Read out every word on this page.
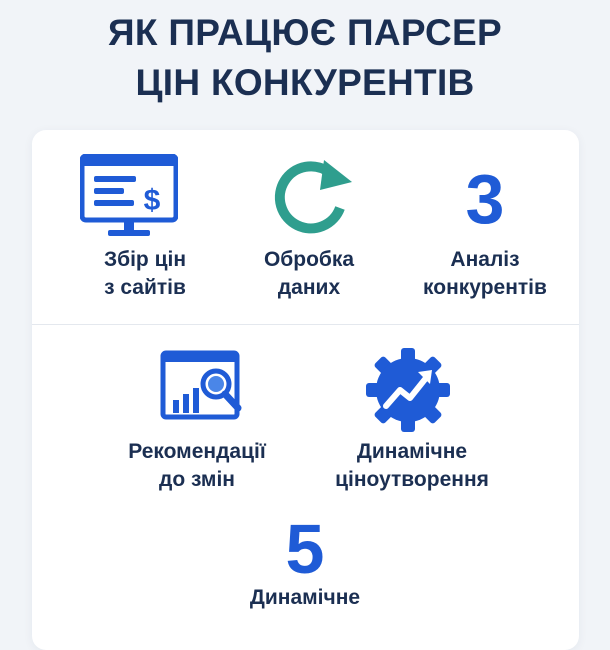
ЯК ПРАЦЮЄ ПАРСЕР
ЦІН КОНКУРЕНТІВ
$
Збір цін
з сайтів
Обробка
даних
3
Аналіз
конкурентів
Рекомендації
до змін
Динамічне
ціноутворення
5
Динамічне
